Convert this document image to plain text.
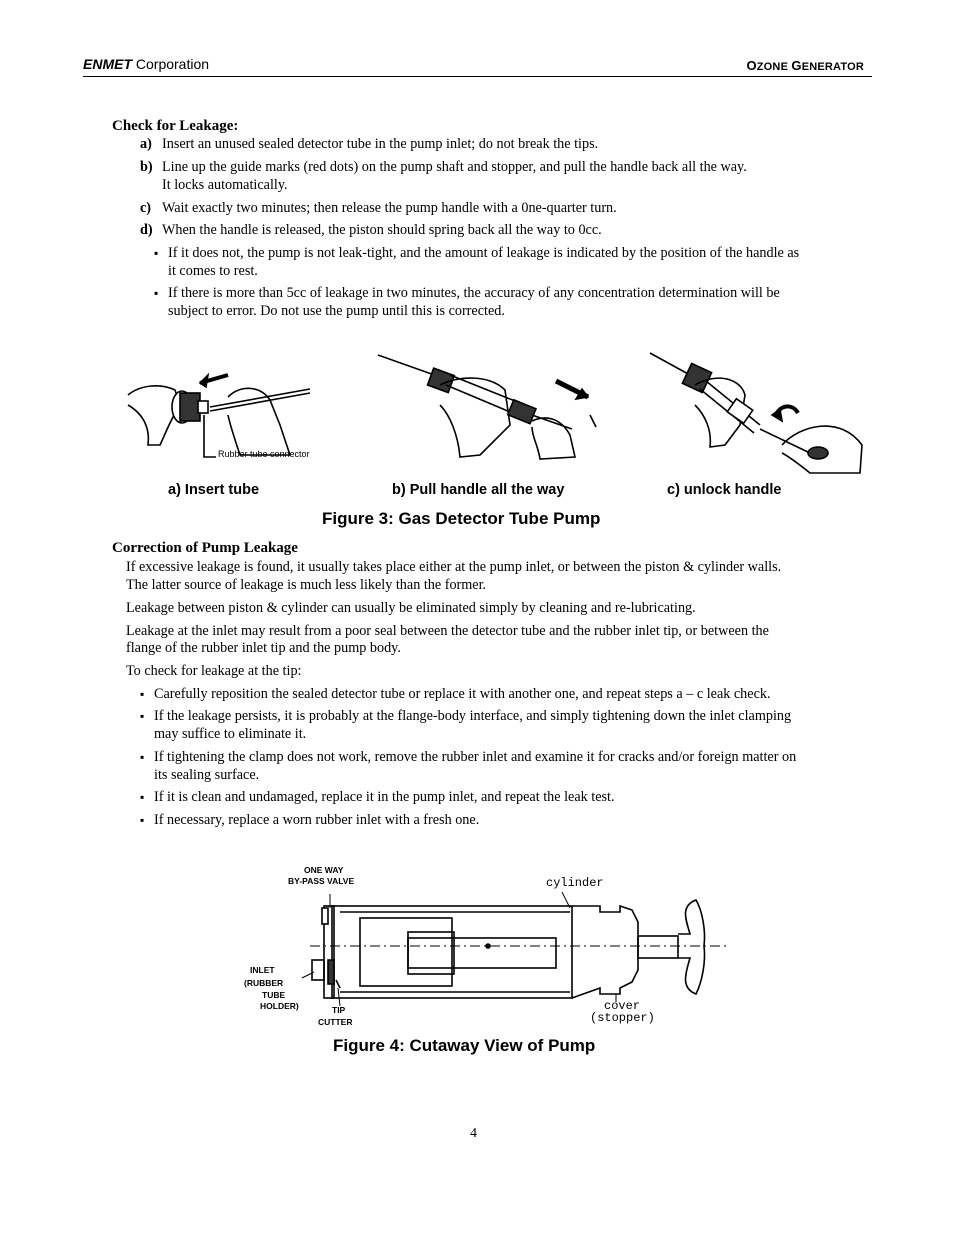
ENMET Corporation	OZONE GENERATOR
Check for Leakage:
a) Insert an unused sealed detector tube in the pump inlet; do not break the tips.
b) Line up the guide marks (red dots) on the pump shaft and stopper, and pull the handle back all the way.
It locks automatically.
c) Wait exactly two minutes; then release the pump handle with a 0ne-quarter turn.
d) When the handle is released, the piston should spring back all the way to 0cc.
▪ If it does not, the pump is not leak-tight, and the amount of leakage is indicated by the position of the handle as
it comes to rest.
▪ If there is more than 5cc of leakage in two minutes, the accuracy of any concentration determination will be
subject to error. Do not use the pump until this is corrected.
Rubber tube connector
a) Insert tube	b) Pull handle all the way	c) unlock handle
Figure 3: Gas Detector Tube Pump
Correction of Pump Leakage
If excessive leakage is found, it usually takes place either at the pump inlet, or between the piston & cylinder walls.
The latter source of leakage is much less likely than the former.
Leakage between piston & cylinder can usually be eliminated simply by cleaning and re-lubricating.
Leakage at the inlet may result from a poor seal between the detector tube and the rubber inlet tip, or between the
flange of the rubber inlet tip and the pump body.
To check for leakage at the tip:
▪ Carefully reposition the sealed detector tube or replace it with another one, and repeat steps a – c leak check.
▪ If the leakage persists, it is probably at the flange-body interface, and simply tightening down the inlet clamping
may suffice to eliminate it.
▪ If tightening the clamp does not work, remove the rubber inlet and examine it for cracks and/or foreign matter on
its sealing surface.
▪ If it is clean and undamaged, replace it in the pump inlet, and repeat the leak test.
▪ If necessary, replace a worn rubber inlet with a fresh one.
ONE WAY
BY-PASS VALVE	cylinder
INLET
(RUBBER
TUBE
HOLDER)	TIP
CUTTER
cover
(stopper)
Figure 4: Cutaway View of Pump
4
